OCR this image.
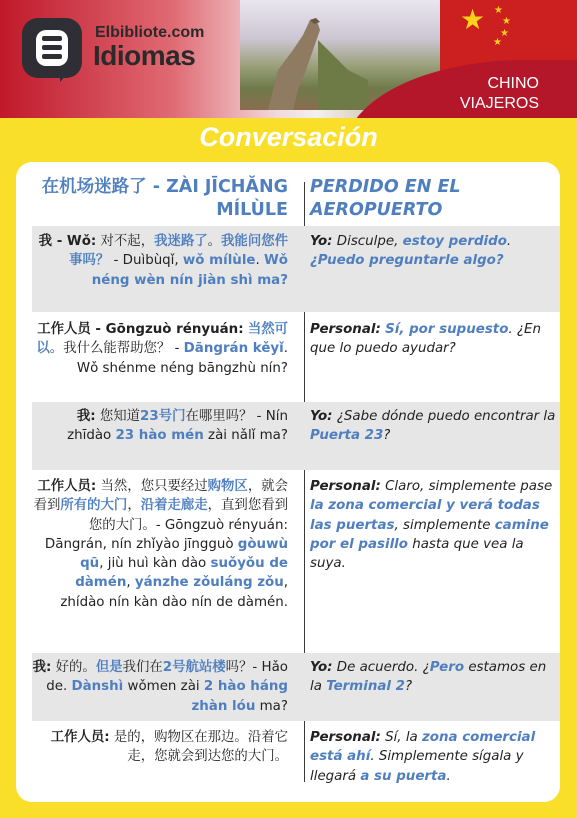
★ ★
★
★
★
CHINO
VIAJEROS
Elbibliote.com
Idiomas
Conversación
在机场迷路了 - ZÀI JĪCHĂNG MÍLÙLE
PERDIDO EN EL AEROPUERTO
我 - Wǒ: 对不起，我迷路了。我能问您件事吗？ - Duìbùqǐ, wǒ mílùle. Wǒ néng wèn nín jiàn shì ma?
Yo: Disculpe, estoy perdido. ¿Puedo preguntarle algo?
工作人员 - Gōngzuò rényuán: 当然可以。我什么能帮助您？ - Dāngrán kěyǐ. Wǒ shénme néng bāngzhù nín?
Personal: Sí, por supuesto. ¿En que lo puedo ayudar?
我: 您知道23号门在哪里吗？ - Nín zhīdào 23 hào mén zài nǎlǐ ma?
Yo: ¿Sabe dónde puedo encontrar la Puerta 23?
工作人员: 当然，您只要经过购物区，就会看到所有的大门，沿着走廊走，直到您看到您的大门。- Gōngzuò rényuán: Dāngrán, nín zhǐyào jīngguò gòuwù qū, jiù huì kàn dào suǒyǒu de dàmén, yánzhe zǒuláng zǒu, zhídào nín kàn dào nín de dàmén.
Personal: Claro, simplemente pase la zona comercial y verá todas las puertas, simplemente camine por el pasillo hasta que vea la suya.
我: 好的。但是我们在2号航站楼吗？- Hǎo de. Dànshì wǒmen zài 2 hào háng zhàn lóu ma?
Yo: De acuerdo. ¿Pero estamos en la Terminal 2?
工作人员: 是的，购物区在那边。沿着它走，您就会到达您的大门。
Personal: Sí, la zona comercial está ahí. Simplemente sígala y llegará a su puerta.
